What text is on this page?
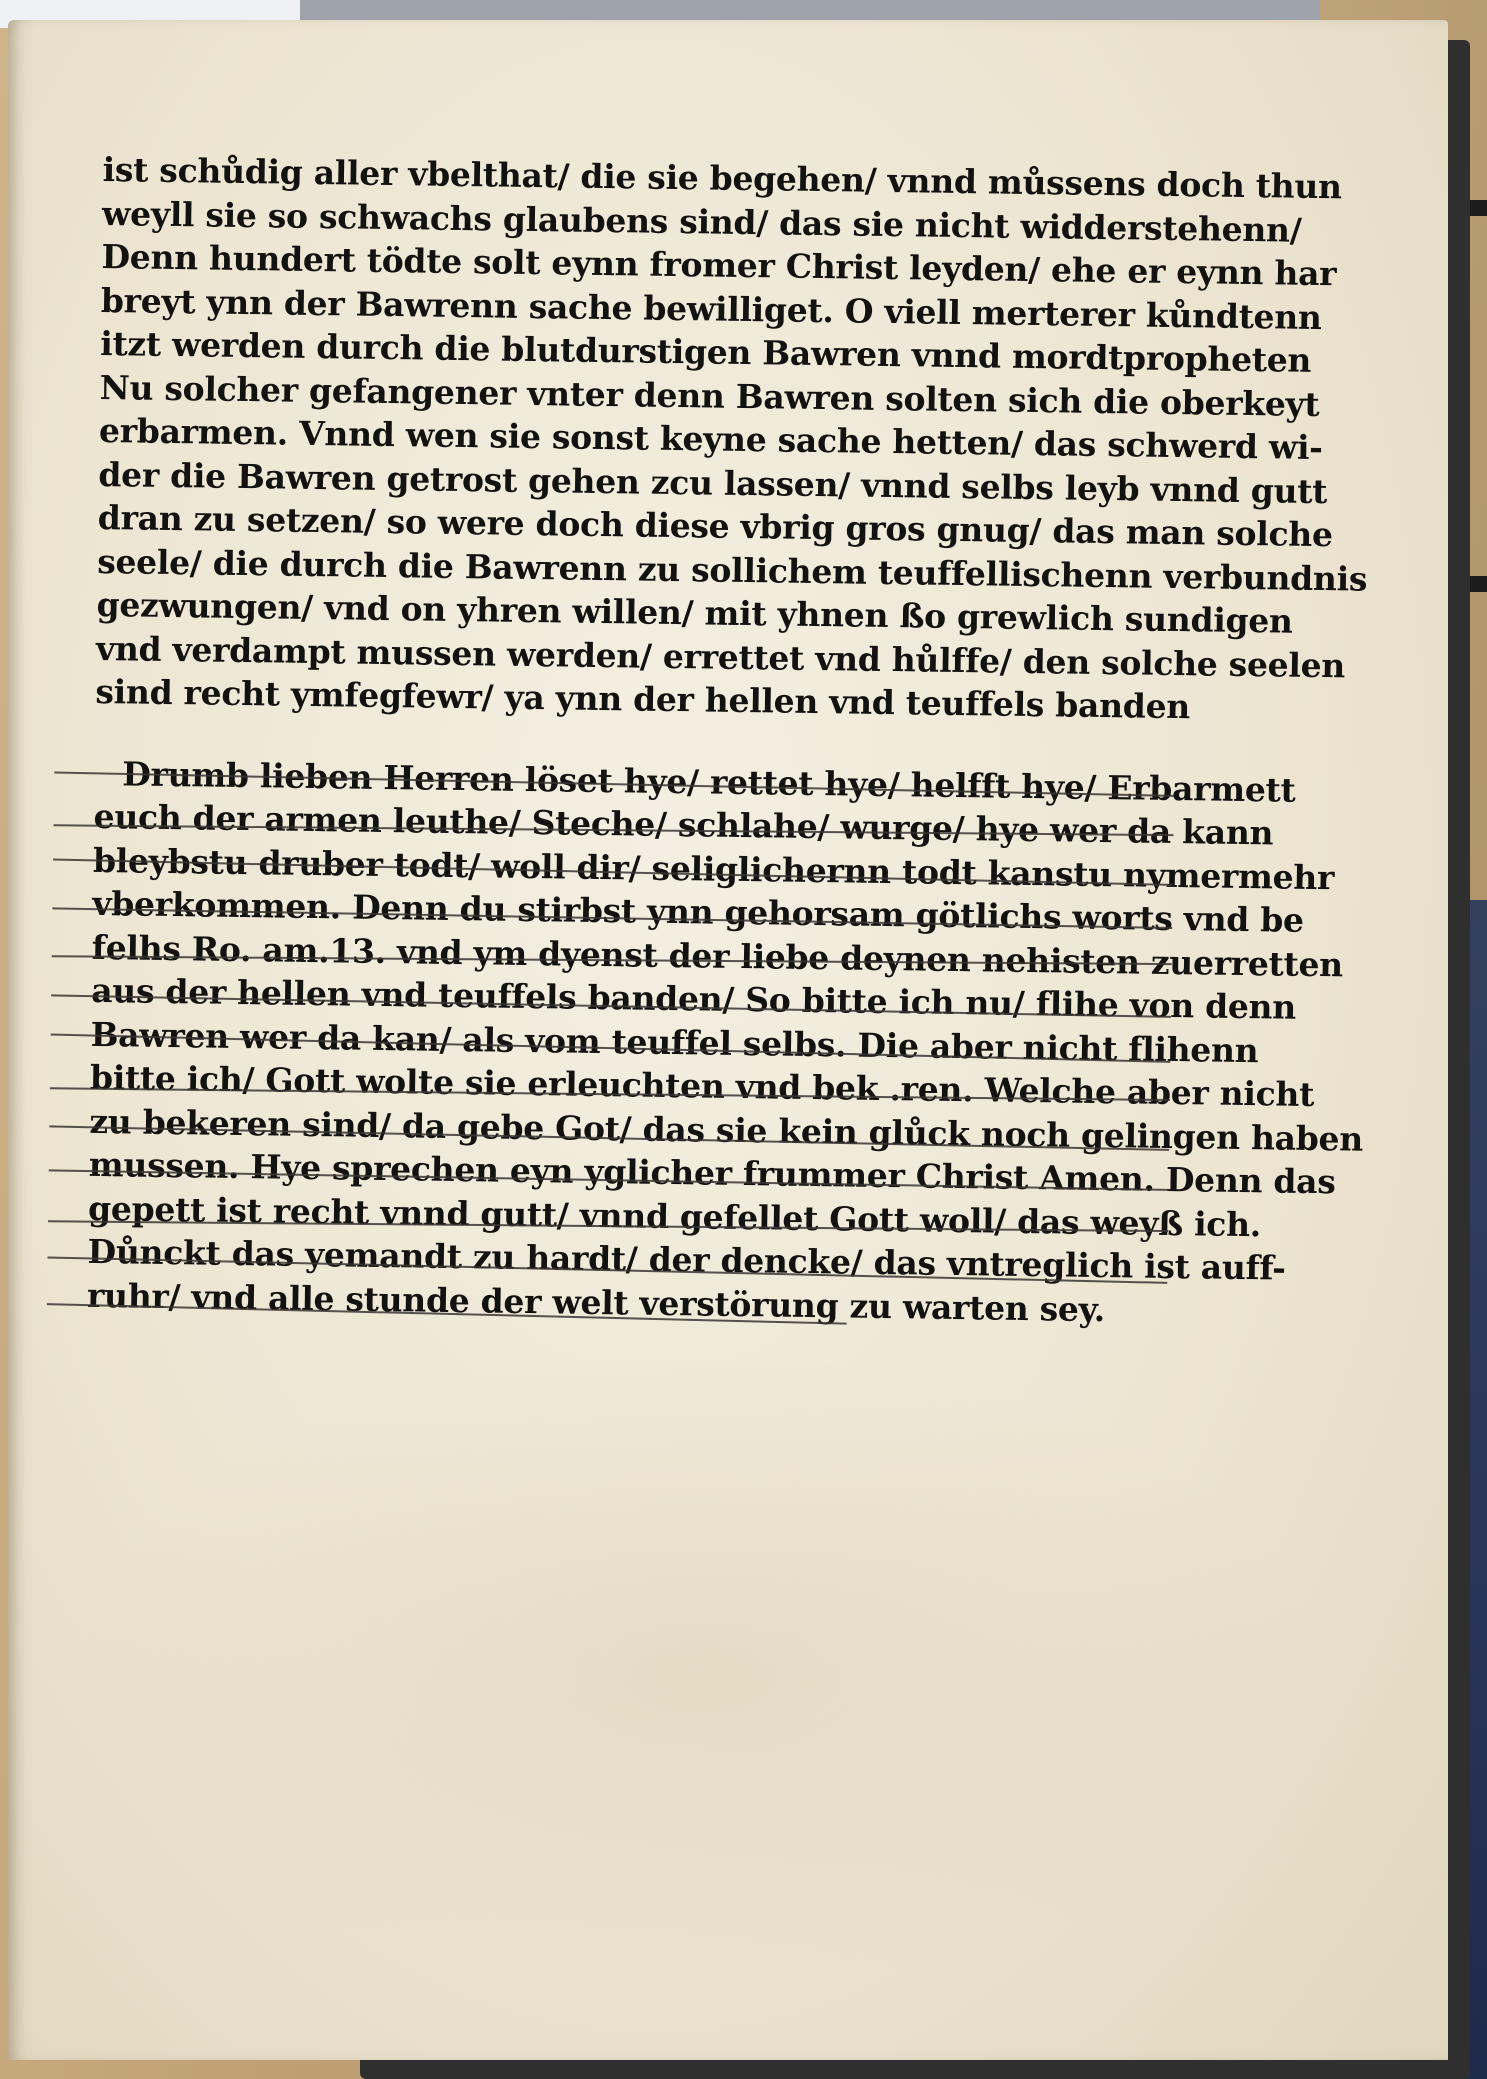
ist schůdig aller vbelthat/ die sie begehen/ vnnd můssens doch thun
weyll sie so schwachs glaubens sind/ das sie nicht widderstehenn/
Denn hundert tödte solt eynn fromer Christ leyden/ ehe er eynn har
breyt ynn der Bawrenn sache bewilliget. O viell merterer kůndtenn
itzt werden durch die blutdurstigen Bawren vnnd mordtpropheten
Nu solcher gefangener vnter denn Bawren solten sich die oberkeyt
erbarmen. Vnnd wen sie sonst keyne sache hetten/ das schwerd wi-
der die Bawren getrost gehen zcu lassen/ vnnd selbs leyb vnnd gutt
dran zu setzen/ so were doch diese vbrig gros gnug/ das man solche
seele/ die durch die Bawrenn zu sollichem teuffellischenn verbundnis
gezwungen/ vnd on yhren willen/ mit yhnen ßo grewlich sundigen
vnd verdampt mussen werden/ errettet vnd hůlffe/ den solche seelen
sind recht ymfegfewr/ ya ynn der hellen vnd teuffels banden
Drumb lieben Herren löset hye/ rettet hye/ helfft hye/ Erbarmett
euch der armen leuthe/ Steche/ schlahe/ wurge/ hye wer da kann
bleybstu druber todt/ woll dir/ seliglichernn todt kanstu nymermehr
vberkommen. Denn du stirbst ynn gehorsam götlichs worts vnd be
felhs Ro. am.13. vnd ym dyenst der liebe deynen nehisten zuerretten
aus der hellen vnd teuffels banden/ So bitte ich nu/ flihe von denn
Bawren wer da kan/ als vom teuffel selbs. Die aber nicht flihenn
bitte ich/ Gott wolte sie erleuchten vnd bek .ren. Welche aber nicht
zu bekeren sind/ da gebe Got/ das sie kein glůck noch gelingen haben
mussen. Hye sprechen eyn yglicher frummer Christ Amen. Denn das
gepett ist recht vnnd gutt/ vnnd gefellet Gott woll/ das weyß ich.
Důnckt das yemandt zu hardt/ der dencke/ das vntreglich ist auff-
ruhr/ vnd alle stunde der welt verstörung zu warten sey.
